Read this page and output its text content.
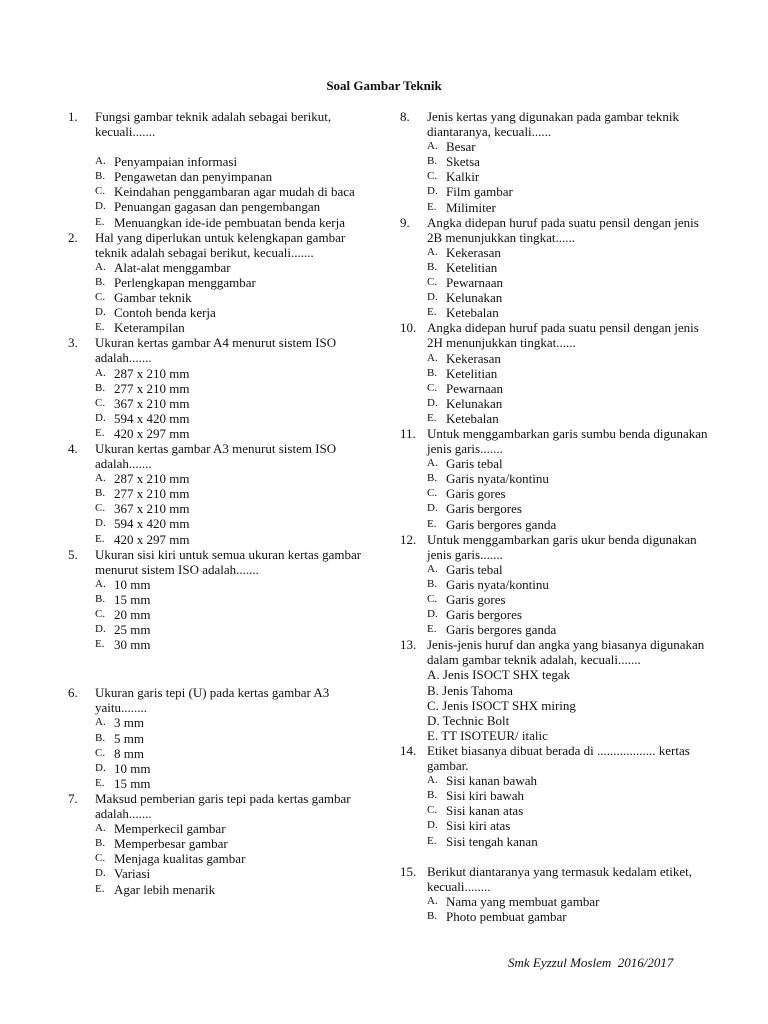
Soal Gambar Teknik
1.	Fungsi gambar teknik adalah sebagai berikut, kecuali.......
A. Penyampaian informasi
B. Pengawetan dan penyimpanan
C. Keindahan penggambaran agar mudah di baca
D. Penuangan gagasan dan pengembangan
E. Menuangkan ide-ide pembuatan benda kerja
2.	Hal yang diperlukan untuk kelengkapan gambar teknik adalah sebagai berikut, kecuali.......
A. Alat-alat menggambar
B. Perlengkapan menggambar
C. Gambar teknik
D. Contoh benda kerja
E. Keterampilan
3.	Ukuran kertas gambar A4 menurut sistem ISO adalah.......
A. 287 x 210 mm
B. 277 x 210 mm
C. 367 x 210 mm
D. 594 x 420 mm
E. 420 x 297 mm
4.	Ukuran kertas gambar A3 menurut sistem ISO adalah.......
A. 287 x 210 mm
B. 277 x 210 mm
C. 367 x 210 mm
D. 594 x 420 mm
E. 420 x 297 mm
5.	Ukuran sisi kiri untuk semua ukuran kertas gambar menurut sistem ISO adalah.......
A. 10 mm
B. 15 mm
C. 20 mm
D. 25 mm
E. 30 mm
6.	Ukuran garis tepi (U) pada kertas gambar A3 yaitu........
A. 3 mm
B. 5 mm
C. 8 mm
D. 10 mm
E. 15 mm
7.	Maksud pemberian garis tepi pada kertas gambar adalah.......
A. Memperkecil gambar
B. Memperbesar gambar
C. Menjaga kualitas gambar
D. Variasi
E. Agar lebih menarik
8.	Jenis kertas yang digunakan pada gambar teknik diantaranya, kecuali......
A. Besar
B. Sketsa
C. Kalkir
D. Film gambar
E. Milimiter
9.	Angka didepan huruf pada suatu pensil dengan jenis 2B menunjukkan tingkat......
A. Kekerasan
B. Ketelitian
C. Pewarnaan
D. Kelunakan
E. Ketebalan
10. Angka didepan huruf pada suatu pensil dengan jenis 2H menunjukkan tingkat......
A. Kekerasan
B. Ketelitian
C. Pewarnaan
D. Kelunakan
E. Ketebalan
11. Untuk menggambarkan garis sumbu benda digunakan jenis garis.......
A. Garis tebal
B. Garis nyata/kontinu
C. Garis gores
D. Garis bergores
E. Garis bergores ganda
12. Untuk menggambarkan garis ukur benda digunakan jenis garis.......
A. Garis tebal
B. Garis nyata/kontinu
C. Garis gores
D. Garis bergores
E. Garis bergores ganda
13. Jenis-jenis huruf dan angka yang biasanya digunakan dalam gambar teknik adalah, kecuali.......
A. Jenis ISOCT SHX tegak
B. Jenis Tahoma
C. Jenis ISOCT SHX miring
D. Technic Bolt
E. TT ISOTEUR/ italic
14. Etiket biasanya dibuat berada di .................. kertas gambar.
A. Sisi kanan bawah
B. Sisi kiri bawah
C. Sisi kanan atas
D. Sisi kiri atas
E. Sisi tengah kanan
15. Berikut diantaranya yang termasuk kedalam etiket, kecuali........
A. Nama yang membuat gambar
B. Photo pembuat gambar
Smk Eyzzul Moslem  2016/2017
